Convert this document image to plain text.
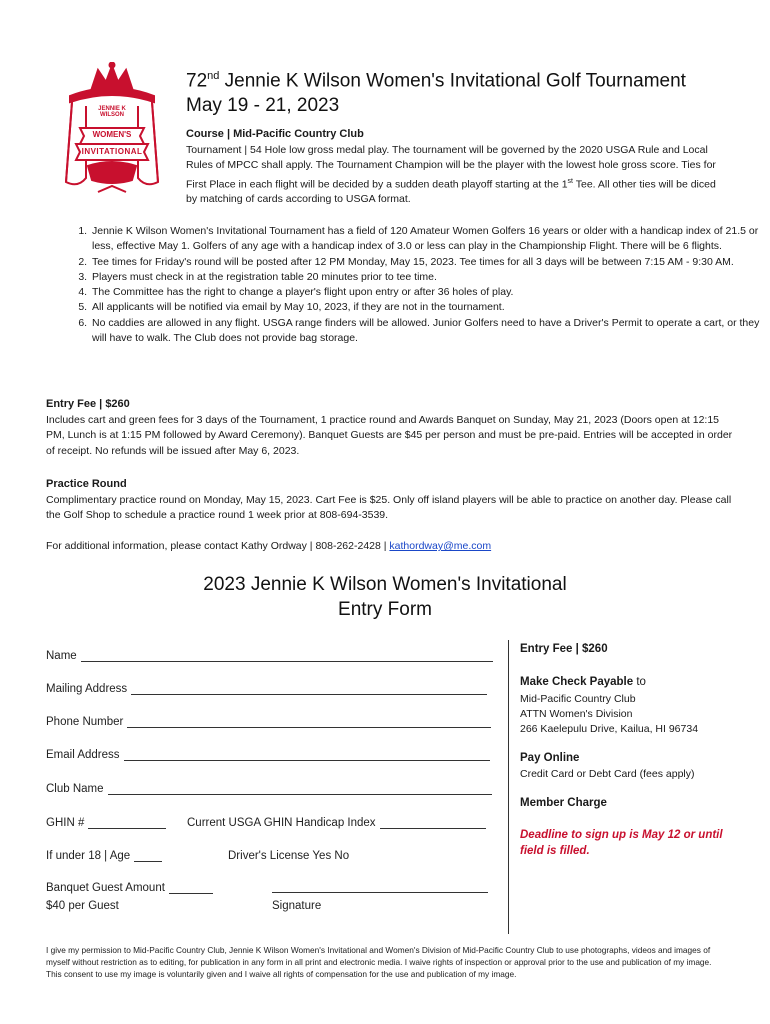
JENNIE K WILSON
WOMEN'S
INVITATIONAL
72nd Jennie K Wilson Women's Invitational Golf Tournament
May 19 - 21, 2023
Course | Mid-Pacific Country Club
Tournament | 54 Hole low gross medal play. The tournament will be governed by the 2020 USGA Rule and Local Rules of MPCC shall apply. The Tournament Champion will be the player with the lowest hole gross score. Ties for First Place in each flight will be decided by a sudden death playoff starting at the 1st Tee. All other ties will be diced by matching of cards according to USGA format.
1. Jennie K Wilson Women's Invitational Tournament has a field of 120 Amateur Women Golfers 16 years or older with a handicap index of 21.5 or less, effective May 1. Golfers of any age with a handicap index of 3.0 or less can play in the Championship Flight. There will be 6 flights.
2. Tee times for Friday's round will be posted after 12 PM Monday, May 15, 2023. Tee times for all 3 days will be between 7:15 AM - 9:30 AM.
3. Players must check in at the registration table 20 minutes prior to tee time.
4. The Committee has the right to change a player's flight upon entry or after 36 holes of play.
5. All applicants will be notified via email by May 10, 2023, if they are not in the tournament.
6. No caddies are allowed in any flight. USGA range finders will be allowed. Junior Golfers need to have a Driver's Permit to operate a cart, or they will have to walk. The Club does not provide bag storage.
Entry Fee | $260
Includes cart and green fees for 3 days of the Tournament, 1 practice round and Awards Banquet on Sunday, May 21, 2023 (Doors open at 12:15 PM, Lunch is at 1:15 PM followed by Award Ceremony). Banquet Guests are $45 per person and must be pre-paid. Entries will be accepted in order of receipt. No refunds will be issued after May 6, 2023.
Practice Round
Complimentary practice round on Monday, May 15, 2023. Cart Fee is $25. Only off island players will be able to practice on another day. Please call the Golf Shop to schedule a practice round 1 week prior at 808-694-3539.
For additional information, please contact Kathy Ordway | 808-262-2428 | kathordway@me.com
2023 Jennie K Wilson Women's Invitational
Entry Form
Name
Mailing Address
Phone Number
Email Address
Club Name
GHIN #	Current USGA GHIN Handicap Index
If under 18 | Age	Driver's License Yes No
Banquet Guest Amount
$40 per Guest	Signature
Entry Fee | $260
Make Check Payable to
Mid-Pacific Country Club
ATTN Women's Division
266 Kaelepulu Drive, Kailua, HI 96734
Pay Online
Credit Card or Debt Card (fees apply)
Member Charge
Deadline to sign up is May 12 or until field is filled.
I give my permission to Mid-Pacific Country Club, Jennie K Wilson Women's Invitational and Women's Division of Mid-Pacific Country Club to use photographs, videos and images of myself without restriction as to editing, for publication in any form in all print and electronic media. I waive rights of inspection or approval prior to the use and publication of my image. This consent to use my image is voluntarily given and I waive all rights of compensation for the use and publication of my image.
